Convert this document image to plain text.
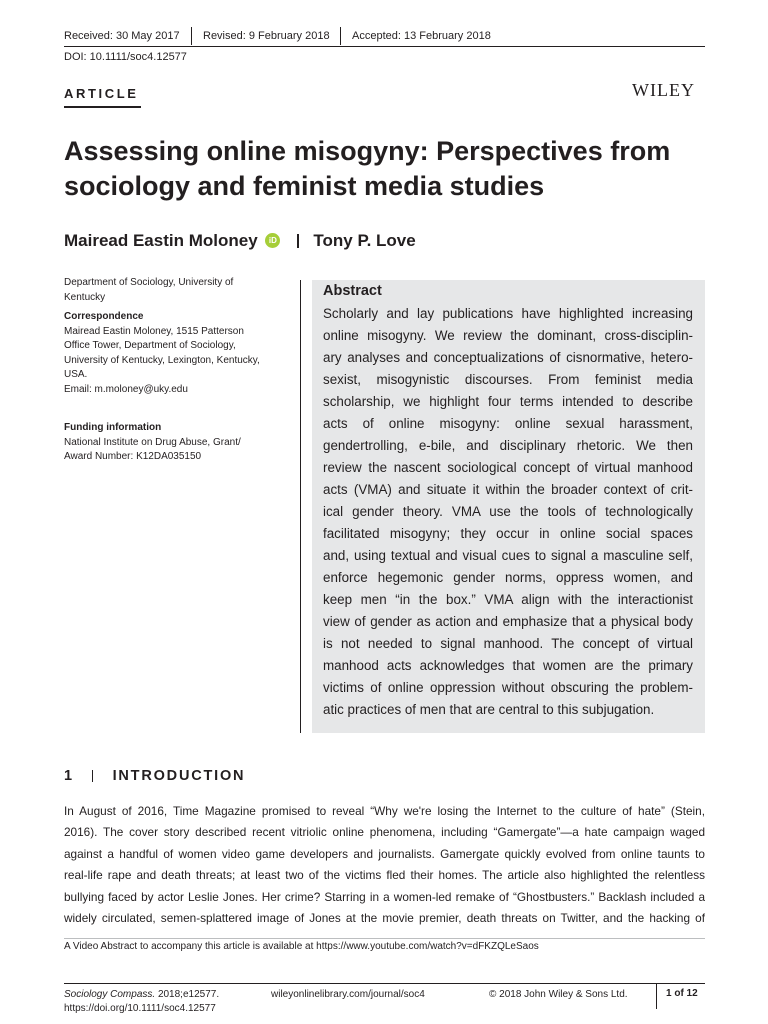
Received: 30 May 2017 Revised: 9 February 2018 Accepted: 13 February 2018
DOI: 10.1111/soc4.12577
ARTICLE	WILEY
Assessing online misogyny: Perspectives from
sociology and feminist media studies
Mairead Eastin Moloney iD Tony P. Love
Department of Sociology, University of
Kentucky
Correspondence
Mairead Eastin Moloney, 1515 Patterson
Office Tower, Department of Sociology,
University of Kentucky, Lexington, Kentucky,
USA.
Email: m.moloney@uky.edu
Funding information
National Institute on Drug Abuse, Grant/
Award Number: K12DA035150
Abstract
Scholarly and lay publications have highlighted increasing
online misogyny. We review the dominant, cross-disciplin-
ary analyses and conceptualizations of cisnormative, hetero-
sexist, misogynistic discourses. From feminist media
scholarship, we highlight four terms intended to describe
acts of online misogyny: online sexual harassment,
gendertrolling, e-bile, and disciplinary rhetoric. We then
review the nascent sociological concept of virtual manhood
acts (VMA) and situate it within the broader context of crit-
ical gender theory. VMA use the tools of technologically
facilitated misogyny; they occur in online social spaces
and, using textual and visual cues to signal a masculine self,
enforce hegemonic gender norms, oppress women, and
keep men “in the box.” VMA align with the interactionist
view of gender as action and emphasize that a physical body
is not needed to signal manhood. The concept of virtual
manhood acts acknowledges that women are the primary
victims of online oppression without obscuring the problem-
atic practices of men that are central to this subjugation.
1	INTRODUCTION
In August of 2016, Time Magazine promised to reveal “Why we're losing the Internet to the culture of hate” (Stein,
2016). The cover story described recent vitriolic online phenomena, including “Gamergate”—a hate campaign waged
against a handful of women video game developers and journalists. Gamergate quickly evolved from online taunts to
real-life rape and death threats; at least two of the victims fled their homes. The article also highlighted the relentless
bullying faced by actor Leslie Jones. Her crime? Starring in a women-led remake of “Ghostbusters.” Backlash included a
widely circulated, semen-splattered image of Jones at the movie premier, death threats on Twitter, and the hacking of
A Video Abstract to accompany this article is available at https://www.youtube.com/watch?v=dFKZQLeSaos
Sociology Compass. 2018;e12577.
https://doi.org/10.1111/soc4.12577
wileyonlinelibrary.com/journal/soc4	© 2018 John Wiley & Sons Ltd.	1 of 12
